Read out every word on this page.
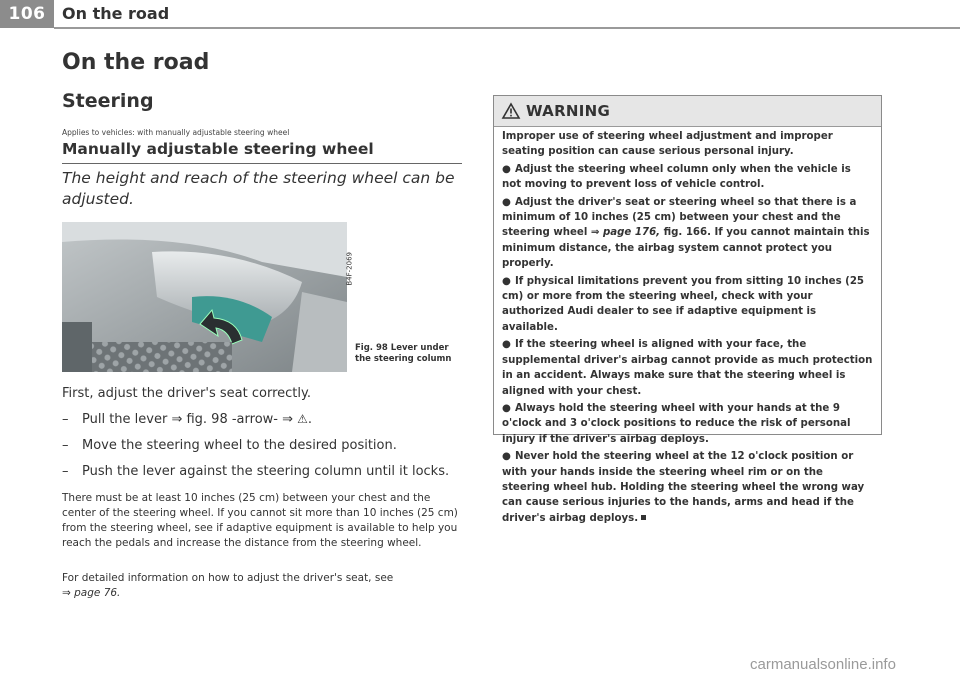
106	On the road
On the road
Steering
Applies to vehicles: with manually adjustable steering wheel
Manually adjustable steering wheel
The height and reach of the steering wheel can be adjusted.
B4F-2069
Fig. 98 Lever under the steering column
First, adjust the driver's seat correctly.
– Pull the lever ⇒ fig. 98 -arrow- ⇒ ⚠.
– Move the steering wheel to the desired position.
– Push the lever against the steering column until it locks.
There must be at least 10 inches (25 cm) between your chest and the center of the steering wheel. If you cannot sit more than 10 inches (25 cm) from the steering wheel, see if adaptive equipment is available to help you reach the pedals and increase the distance from the steering wheel.
For detailed information on how to adjust the driver's seat, see
⇒ page 76.
WARNING

Improper use of steering wheel adjustment and improper seating position can cause serious personal injury.

● Adjust the steering wheel column only when the vehicle is not moving to prevent loss of vehicle control.

● Adjust the driver's seat or steering wheel so that there is a minimum of 10 inches (25 cm) between your chest and the steering wheel ⇒ page 176, fig. 166. If you cannot maintain this minimum distance, the airbag system cannot protect you properly.

● If physical limitations prevent you from sitting 10 inches (25 cm) or more from the steering wheel, check with your authorized Audi dealer to see if adaptive equipment is available.

● If the steering wheel is aligned with your face, the supplemental driver's airbag cannot provide as much protection in an accident. Always make sure that the steering wheel is aligned with your chest.

● Always hold the steering wheel with your hands at the 9 o'clock and 3 o'clock positions to reduce the risk of personal injury if the driver's airbag deploys.

● Never hold the steering wheel at the 12 o'clock position or with your hands inside the steering wheel rim or on the steering wheel hub. Holding the steering wheel the wrong way can cause serious injuries to the hands, arms and head if the driver's airbag deploys.

carmanualsonline.info
